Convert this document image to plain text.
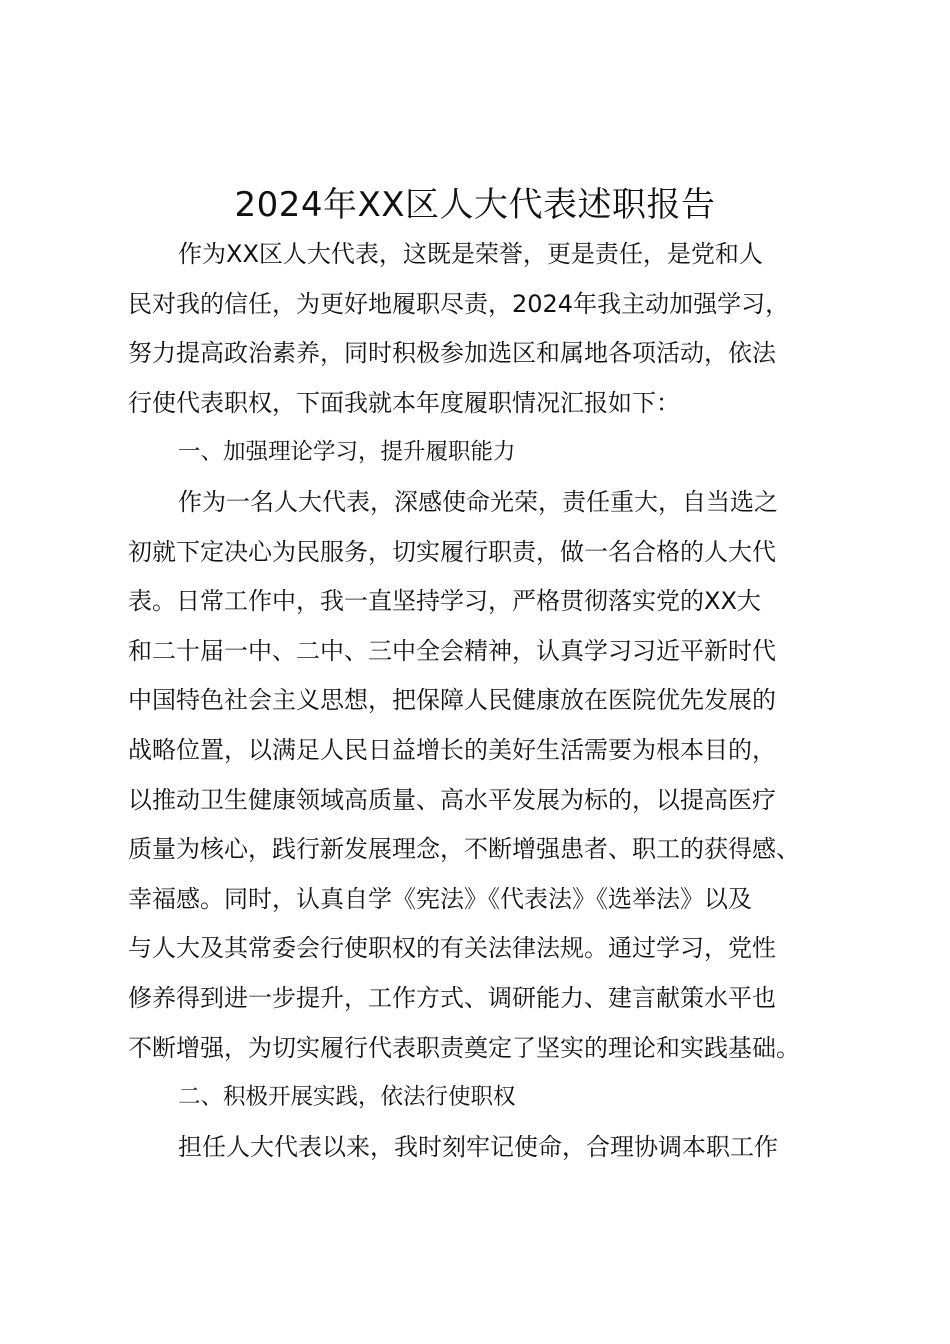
2024年XX区人大代表述职报告
作为XX区人大代表，这既是荣誉，更是责任，是党和人
民对我的信任，为更好地履职尽责，2024年我主动加强学习，
努力提高政治素养，同时积极参加选区和属地各项活动，依法
行使代表职权，下面我就本年度履职情况汇报如下：
一、加强理论学习，提升履职能力
作为一名人大代表，深感使命光荣，责任重大，自当选之
初就下定决心为民服务，切实履行职责，做一名合格的人大代
表。日常工作中，我一直坚持学习，严格贯彻落实党的XX大
和二十届一中、二中、三中全会精神，认真学习习近平新时代
中国特色社会主义思想，把保障人民健康放在医院优先发展的
战略位置，以满足人民日益增长的美好生活需要为根本目的，
以推动卫生健康领域高质量、高水平发展为标的，以提高医疗
质量为核心，践行新发展理念，不断增强患者、职工的获得感、
幸福感。同时，认真自学《宪法》《代表法》《选举法》以及
与人大及其常委会行使职权的有关法律法规。通过学习，党性
修养得到进一步提升，工作方式、调研能力、建言献策水平也
不断增强，为切实履行代表职责奠定了坚实的理论和实践基础。
二、积极开展实践，依法行使职权
担任人大代表以来，我时刻牢记使命，合理协调本职工作
